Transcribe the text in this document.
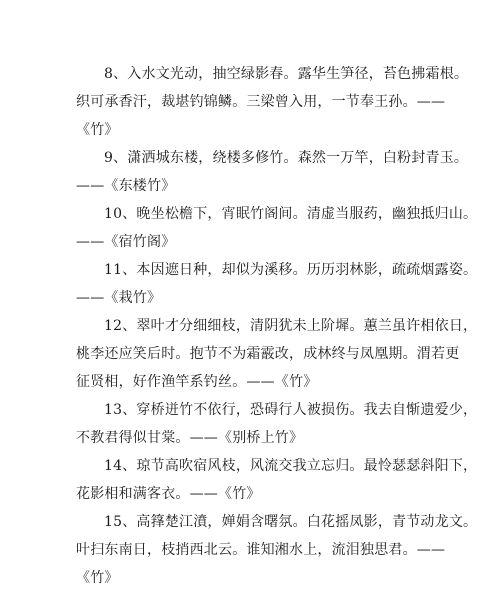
8、入水文光动，抽空绿影春。露华生笋径，苔色拂霜根。
织可承香汗，裁堪钓锦鳞。三梁曾入用，一节奉王孙。——
《竹》
9、潇洒城东楼，绕楼多修竹。森然一万竿，白粉封青玉。
——《东楼竹》
10、晚坐松檐下，宵眠竹阁间。清虚当服药，幽独抵归山。
——《宿竹阁》
11、本因遮日种，却似为溪移。历历羽林影，疏疏烟露姿。
——《栽竹》
12、翠叶才分细细枝，清阴犹未上阶墀。蕙兰虽许相依日，
桃李还应笑后时。抱节不为霜霰改，成林终与凤凰期。渭若更
征贤相，好作渔竿系钓丝。——《竹》
13、穿桥迸竹不依行，恐碍行人被损伤。我去自惭遗爱少，
不教君得似甘棠。——《别桥上竹》
14、琼节高吹宿风枝，风流交我立忘归。最怜瑟瑟斜阳下，
花影相和满客衣。——《竹》
15、高箨楚江濆，婵娟含曙氛。白花摇凤影，青节动龙文。
叶扫东南日，枝捎西北云。谁知湘水上，流泪独思君。——
《竹》
